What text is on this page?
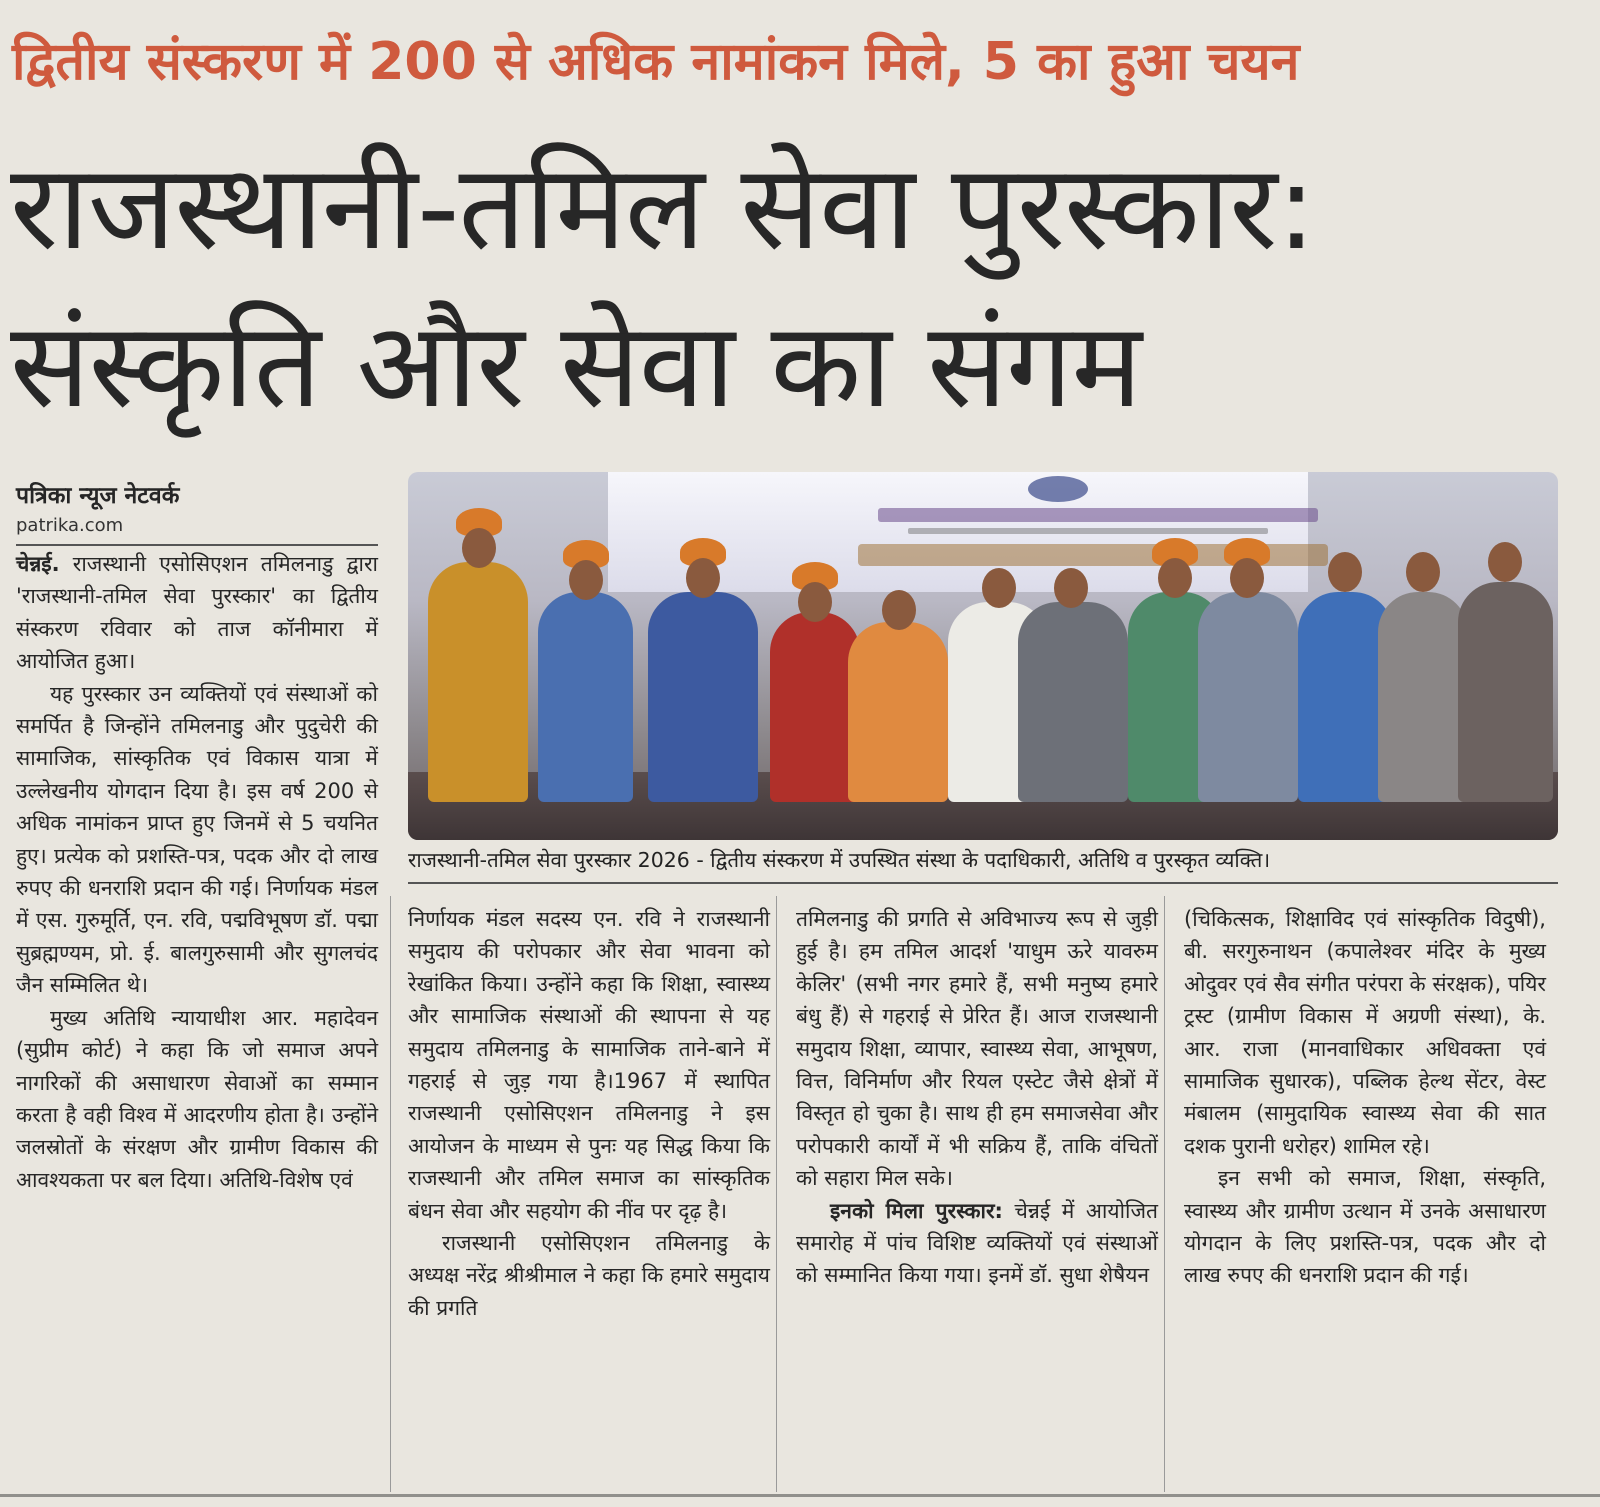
द्वितीय संस्करण में 200 से अधिक नामांकन मिले, 5 का हुआ चयन
राजस्थानी-तमिल सेवा पुरस्कार:
संस्कृति और सेवा का संगम
पत्रिका न्यूज नेटवर्क
patrika.com

चेन्नई. राजस्थानी एसोसिएशन तमिलनाडु द्वारा 'राजस्थानी-तमिल सेवा पुरस्कार' का द्वितीय संस्करण रविवार को ताज कॉनीमारा में आयोजित हुआ।

यह पुरस्कार उन व्यक्तियों एवं संस्थाओं को समर्पित है जिन्होंने तमिलनाडु और पुदुचेरी की सामाजिक, सांस्कृतिक एवं विकास यात्रा में उल्लेखनीय योगदान दिया है। इस वर्ष 200 से अधिक नामांकन प्राप्त हुए जिनमें से 5 चयनित हुए। प्रत्येक को प्रशस्ति-पत्र, पदक और दो लाख रुपए की धनराशि प्रदान की गई। निर्णायक मंडल में एस. गुरुमूर्ति, एन. रवि, पद्मविभूषण डॉ. पद्मा सुब्रह्मण्यम, प्रो. ई. बालगुरुसामी और सुगलचंद जैन सम्मिलित थे।

मुख्य अतिथि न्यायाधीश आर. महादेवन (सुप्रीम कोर्ट) ने कहा कि जो समाज अपने नागरिकों की असाधारण सेवाओं का सम्मान करता है वही विश्व में आदरणीय होता है। उन्होंने जलस्रोतों के संरक्षण और ग्रामीण विकास की आवश्यकता पर बल दिया। अतिथि-विशेष एवं

राजस्थानी-तमिल सेवा पुरस्कार 2026 - द्वितीय संस्करण में उपस्थित संस्था के पदाधिकारी, अतिथि व पुरस्कृत व्यक्ति।

निर्णायक मंडल सदस्य एन. रवि ने राजस्थानी समुदाय की परोपकार और सेवा भावना को रेखांकित किया। उन्होंने कहा कि शिक्षा, स्वास्थ्य और सामाजिक संस्थाओं की स्थापना से यह समुदाय तमिलनाडु के सामाजिक ताने-बाने में गहराई से जुड़ गया है।1967 में स्थापित राजस्थानी एसोसिएशन तमिलनाडु ने इस आयोजन के माध्यम से पुनः यह सिद्ध किया कि राजस्थानी और तमिल समाज का सांस्कृतिक बंधन सेवा और सहयोग की नींव पर दृढ़ है।

राजस्थानी एसोसिएशन तमिलनाडु के अध्यक्ष नरेंद्र श्रीश्रीमाल ने कहा कि हमारे समुदाय की प्रगति

तमिलनाडु की प्रगति से अविभाज्य रूप से जुड़ी हुई है। हम तमिल आदर्श 'याधुम ऊरे यावरुम केलिर' (सभी नगर हमारे हैं, सभी मनुष्य हमारे बंधु हैं) से गहराई से प्रेरित हैं। आज राजस्थानी समुदाय शिक्षा, व्यापार, स्वास्थ्य सेवा, आभूषण, वित्त, विनिर्माण और रियल एस्टेट जैसे क्षेत्रों में विस्तृत हो चुका है। साथ ही हम समाजसेवा और परोपकारी कार्यों में भी सक्रिय हैं, ताकि वंचितों को सहारा मिल सके।

इनको मिला पुरस्कार: चेन्नई में आयोजित समारोह में पांच विशिष्ट व्यक्तियों एवं संस्थाओं को सम्मानित किया गया। इनमें डॉ. सुधा शेषैयन

(चिकित्सक, शिक्षाविद एवं सांस्कृतिक विदुषी), बी. सरगुरुनाथन (कपालेश्वर मंदिर के मुख्य ओदुवर एवं सैव संगीत परंपरा के संरक्षक), पयिर ट्रस्ट (ग्रामीण विकास में अग्रणी संस्था), के. आर. राजा (मानवाधिकार अधिवक्ता एवं सामाजिक सुधारक), पब्लिक हेल्थ सेंटर, वेस्ट मंबालम (सामुदायिक स्वास्थ्य सेवा की सात दशक पुरानी धरोहर) शामिल रहे।

इन सभी को समाज, शिक्षा, संस्कृति, स्वास्थ्य और ग्रामीण उत्थान में उनके असाधारण योगदान के लिए प्रशस्ति-पत्र, पदक और दो लाख रुपए की धनराशि प्रदान की गई।
